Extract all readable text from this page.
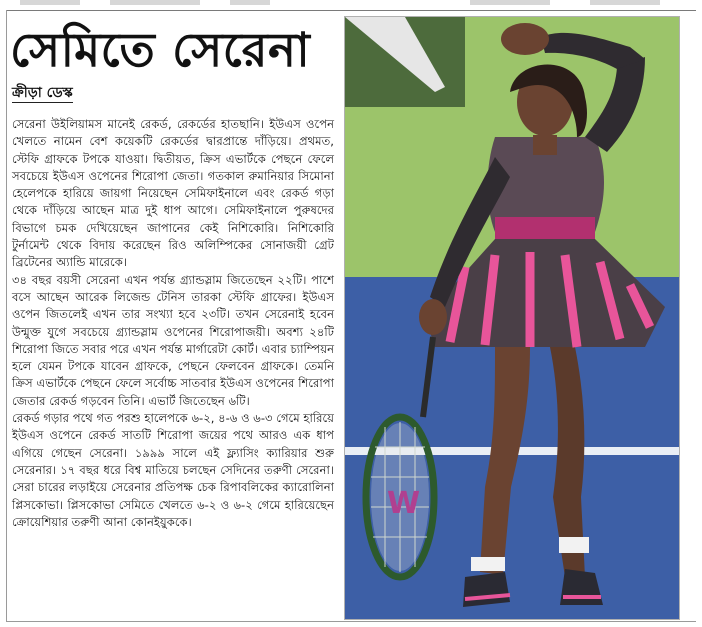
সেমিতে সেরেনা
ক্রীড়া ডেস্ক

সেরেনা উইলিয়ামস মানেই রেকর্ড, রেকর্ডের হাতছানি। ইউএস ওপেন খেলতে নামেন বেশ কয়েকটি রেকর্ডের দ্বারপ্রান্তে দাঁড়িয়ে। প্রথমত, স্টেফি গ্রাফকে টপকে যাওয়া। দ্বিতীয়ত, ক্রিস এভার্টকে পেছনে ফেলে সবচেয়ে ইউএস ওপেনের শিরোপা জেতা। গতকাল রুমানিয়ার সিমোনা হেলেপকে হারিয়ে জায়গা নিয়েছেন সেমিফাইনালে এবং রেকর্ড গড়া থেকে দাঁড়িয়ে আছেন মাত্র দুই ধাপ আগে। সেমিফাইনালে পুরুষদের বিভাগে চমক দেখিয়েছেন জাপানের কেই নিশিকোরি। নিশিকোরি টুর্নামেন্ট থেকে বিদায় করেছেন রিও অলিম্পিকের সোনাজয়ী গ্রেট ব্রিটেনের অ্যান্ডি মারেকে।

৩৪ বছর বয়সী সেরেনা এখন পর্যন্ত গ্র্যান্ডস্লাম জিতেছেন ২২টি। পাশে বসে আছেন আরেক লিজেন্ড টেনিস তারকা স্টেফি গ্রাফের। ইউএস ওপেন জিতলেই এখন তার সংখ্যা হবে ২৩টি। তখন সেরেনাই হবেন উন্মুক্ত যুগে সবচেয়ে গ্র্যান্ডস্লাম ওপেনের শিরোপাজয়ী। অবশ্য ২৪টি শিরোপা জিতে সবার পরে এখন পর্যন্ত মার্গারেটা কোর্ট। এবার চ্যাম্পিয়ন হলে যেমন টপকে যাবেন গ্রাফকে, পেছনে ফেলবেন গ্রাফকে। তেমনি ক্রিস এভার্টকে পেছনে ফেলে সর্বোচ্চ সাতবার ইউএস ওপেনের শিরোপা জেতার রেকর্ড গড়বেন তিনি। এভার্ট জিতেছেন ৬টি।

রেকর্ড গড়ার পথে গত পরশু হালেপকে ৬-২, ৪-৬ ও ৬-৩ গেমে হারিয়ে ইউএস ওপেনে রেকর্ড সাতটি শিরোপা জয়ের পথে আরও এক ধাপ এগিয়ে গেছেন সেরেনা। ১৯৯৯ সালে এই ফ্ল্যাসিং ক্যারিয়ার শুরু সেরেনার। ১৭ বছর ধরে বিশ্ব মাতিয়ে চলছেন সেদিনের তরুণী সেরেনা। সেরা চারের লড়াইয়ে সেরেনার প্রতিপক্ষ চেক রিপাবলিকের ক্যারোলিনা প্লিসকোভা। প্লিসকোভা সেমিতে খেলতে ৬-২ ও ৬-২ গেমে হারিয়েছেন ক্রোয়েশিয়ার তরুণী আনা কোনইয়ুককে।

W
